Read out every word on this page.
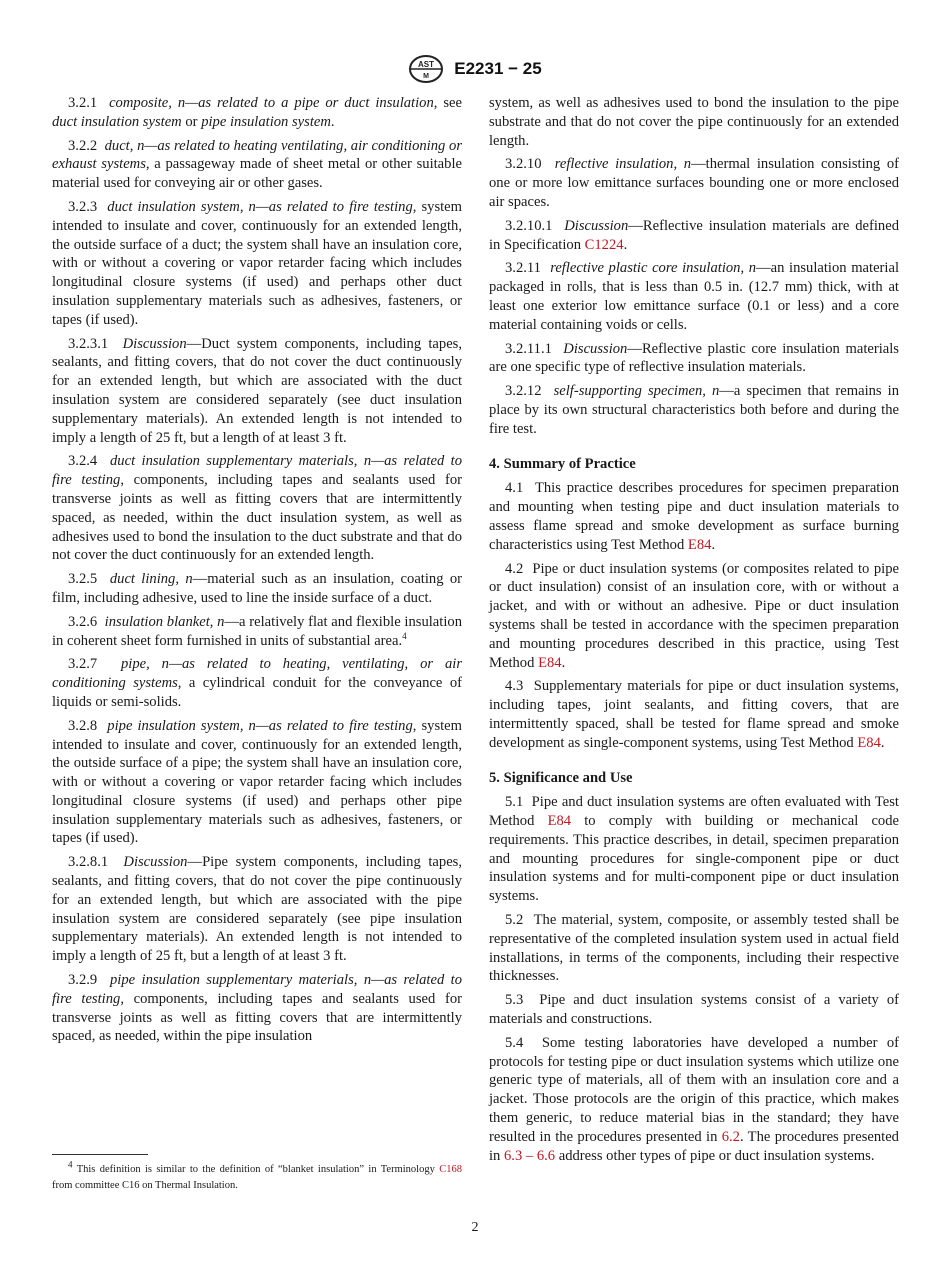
AST
M E2231 − 25

3.2.1 composite, n—as related to a pipe or duct insulation, see duct insulation system or pipe insulation system.

3.2.2 duct, n—as related to heating ventilating, air conditioning or exhaust systems, a passageway made of sheet metal or other suitable material used for conveying air or other gases.

3.2.3 duct insulation system, n—as related to fire testing, system intended to insulate and cover, continuously for an extended length, the outside surface of a duct; the system shall have an insulation core, with or without a covering or vapor retarder facing which includes longitudinal closure systems (if used) and perhaps other duct insulation supplementary materials such as adhesives, fasteners, or tapes (if used).

3.2.3.1 Discussion—Duct system components, including tapes, sealants, and fitting covers, that do not cover the duct continuously for an extended length, but which are associated with the duct insulation system are considered separately (see duct insulation supplementary materials). An extended length is not intended to imply a length of 25 ft, but a length of at least 3 ft.

3.2.4 duct insulation supplementary materials, n—as related to fire testing, components, including tapes and sealants used for transverse joints as well as fitting covers that are intermittently spaced, as needed, within the duct insulation system, as well as adhesives used to bond the insulation to the duct substrate and that do not cover the duct continuously for an extended length.

3.2.5 duct lining, n—material such as an insulation, coating or film, including adhesive, used to line the inside surface of a duct.

3.2.6 insulation blanket, n—a relatively flat and flexible insulation in coherent sheet form furnished in units of substantial area.$^4$

3.2.7 pipe, n—as related to heating, ventilating, or air conditioning systems, a cylindrical conduit for the conveyance of liquids or semi-solids.

3.2.8 pipe insulation system, n—as related to fire testing, system intended to insulate and cover, continuously for an extended length, the outside surface of a pipe; the system shall have an insulation core, with or without a covering or vapor retarder facing which includes longitudinal closure systems (if used) and perhaps other pipe insulation supplementary materials such as adhesives, fasteners, or tapes (if used).

3.2.8.1 Discussion—Pipe system components, including tapes, sealants, and fitting covers, that do not cover the pipe continuously for an extended length, but which are associated with the pipe insulation system are considered separately (see pipe insulation supplementary materials). An extended length is not intended to imply a length of 25 ft, but a length of at least 3 ft.

3.2.9 pipe insulation supplementary materials, n—as related to fire testing, components, including tapes and sealants used for transverse joints as well as fitting covers that are intermittently spaced, as needed, within the pipe insulation

system, as well as adhesives used to bond the insulation to the pipe substrate and that do not cover the pipe continuously for an extended length.

3.2.10 reflective insulation, n—thermal insulation consisting of one or more low emittance surfaces bounding one or more enclosed air spaces.

3.2.10.1 Discussion—Reflective insulation materials are defined in Specification C1224.

3.2.11 reflective plastic core insulation, n—an insulation material packaged in rolls, that is less than 0.5 in. (12.7 mm) thick, with at least one exterior low emittance surface (0.1 or less) and a core material containing voids or cells.

3.2.11.1 Discussion—Reflective plastic core insulation materials are one specific type of reflective insulation materials.

3.2.12 self-supporting specimen, n—a specimen that remains in place by its own structural characteristics both before and during the fire test.

4. Summary of Practice

4.1 This practice describes procedures for specimen preparation and mounting when testing pipe and duct insulation materials to assess flame spread and smoke development as surface burning characteristics using Test Method E84.

4.2 Pipe or duct insulation systems (or composites related to pipe or duct insulation) consist of an insulation core, with or without a jacket, and with or without an adhesive. Pipe or duct insulation systems shall be tested in accordance with the specimen preparation and mounting procedures described in this practice, using Test Method E84.

4.3 Supplementary materials for pipe or duct insulation systems, including tapes, joint sealants, and fitting covers, that are intermittently spaced, shall be tested for flame spread and smoke development as single-component systems, using Test Method E84.

5. Significance and Use

5.1 Pipe and duct insulation systems are often evaluated with Test Method E84 to comply with building or mechanical code requirements. This practice describes, in detail, specimen preparation and mounting procedures for single-component pipe or duct insulation systems and for multi-component pipe or duct insulation systems.

5.2 The material, system, composite, or assembly tested shall be representative of the completed insulation system used in actual field installations, in terms of the components, including their respective thicknesses.

5.3 Pipe and duct insulation systems consist of a variety of materials and constructions.

5.4 Some testing laboratories have developed a number of protocols for testing pipe or duct insulation systems which utilize one generic type of materials, all of them with an insulation core and a jacket. Those protocols are the origin of this practice, which makes them generic, to reduce material bias in the standard; they have resulted in the procedures presented in 6.2. The procedures presented in 6.3 – 6.6 address other types of pipe or duct insulation systems.

$^4$ This definition is similar to the definition of “blanket insulation” in Terminology C168 from committee C16 on Thermal Insulation.

2
